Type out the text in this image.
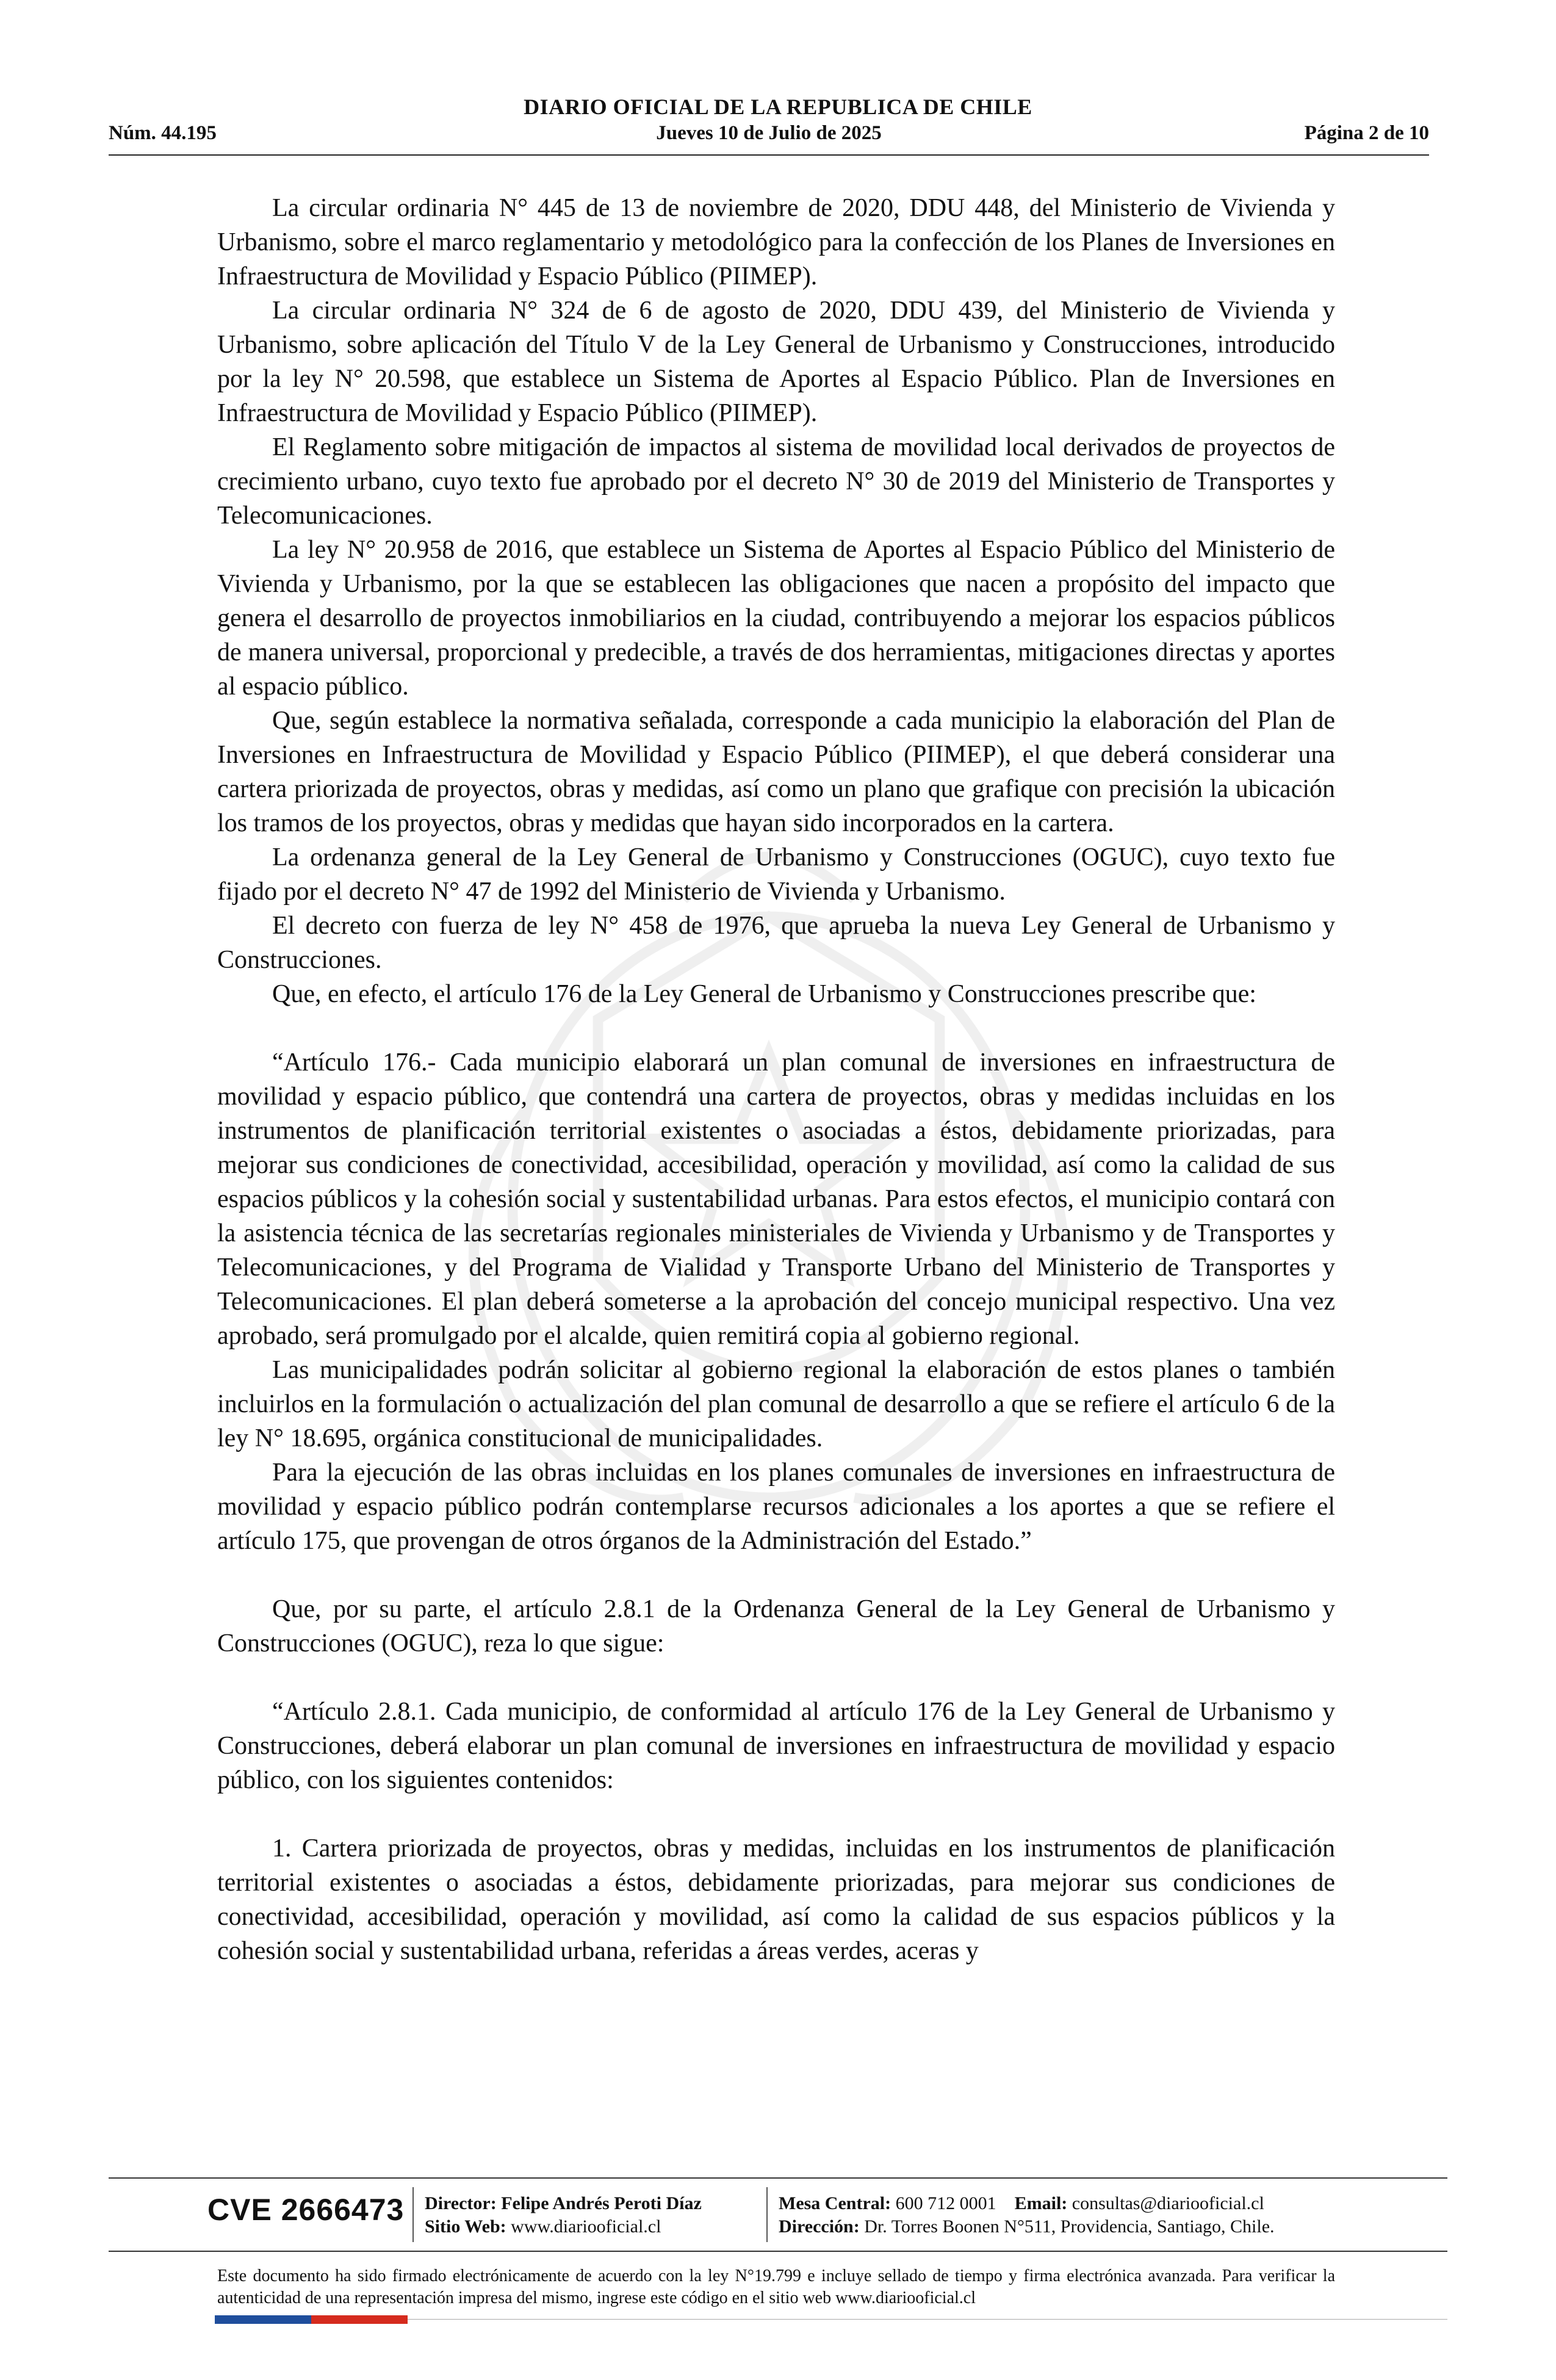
DIARIO OFICIAL DE LA REPUBLICA DE CHILE
Núm. 44.195	Jueves 10 de Julio de 2025	Página 2 de 10

La circular ordinaria N° 445 de 13 de noviembre de 2020, DDU 448, del Ministerio de Vivienda y Urbanismo, sobre el marco reglamentario y metodológico para la confección de los Planes de Inversiones en Infraestructura de Movilidad y Espacio Público (PIIMEP).

La circular ordinaria N° 324 de 6 de agosto de 2020, DDU 439, del Ministerio de Vivienda y Urbanismo, sobre aplicación del Título V de la Ley General de Urbanismo y Construcciones, introducido por la ley N° 20.598, que establece un Sistema de Aportes al Espacio Público. Plan de Inversiones en Infraestructura de Movilidad y Espacio Público (PIIMEP).

El Reglamento sobre mitigación de impactos al sistema de movilidad local derivados de proyectos de crecimiento urbano, cuyo texto fue aprobado por el decreto N° 30 de 2019 del Ministerio de Transportes y Telecomunicaciones.

La ley N° 20.958 de 2016, que establece un Sistema de Aportes al Espacio Público del Ministerio de Vivienda y Urbanismo, por la que se establecen las obligaciones que nacen a propósito del impacto que genera el desarrollo de proyectos inmobiliarios en la ciudad, contribuyendo a mejorar los espacios públicos de manera universal, proporcional y predecible, a través de dos herramientas, mitigaciones directas y aportes al espacio público.

Que, según establece la normativa señalada, corresponde a cada municipio la elaboración del Plan de Inversiones en Infraestructura de Movilidad y Espacio Público (PIIMEP), el que deberá considerar una cartera priorizada de proyectos, obras y medidas, así como un plano que grafique con precisión la ubicación los tramos de los proyectos, obras y medidas que hayan sido incorporados en la cartera.

La ordenanza general de la Ley General de Urbanismo y Construcciones (OGUC), cuyo texto fue fijado por el decreto N° 47 de 1992 del Ministerio de Vivienda y Urbanismo.

El decreto con fuerza de ley N° 458 de 1976, que aprueba la nueva Ley General de Urbanismo y Construcciones.

Que, en efecto, el artículo 176 de la Ley General de Urbanismo y Construcciones prescribe que:

“Artículo 176.- Cada municipio elaborará un plan comunal de inversiones en infraestructura de movilidad y espacio público, que contendrá una cartera de proyectos, obras y medidas incluidas en los instrumentos de planificación territorial existentes o asociadas a éstos, debidamente priorizadas, para mejorar sus condiciones de conectividad, accesibilidad, operación y movilidad, así como la calidad de sus espacios públicos y la cohesión social y sustentabilidad urbanas. Para estos efectos, el municipio contará con la asistencia técnica de las secretarías regionales ministeriales de Vivienda y Urbanismo y de Transportes y Telecomunicaciones, y del Programa de Vialidad y Transporte Urbano del Ministerio de Transportes y Telecomunicaciones. El plan deberá someterse a la aprobación del concejo municipal respectivo. Una vez aprobado, será promulgado por el alcalde, quien remitirá copia al gobierno regional.

Las municipalidades podrán solicitar al gobierno regional la elaboración de estos planes o también incluirlos en la formulación o actualización del plan comunal de desarrollo a que se refiere el artículo 6 de la ley N° 18.695, orgánica constitucional de municipalidades.

Para la ejecución de las obras incluidas en los planes comunales de inversiones en infraestructura de movilidad y espacio público podrán contemplarse recursos adicionales a los aportes a que se refiere el artículo 175, que provengan de otros órganos de la Administración del Estado.”

Que, por su parte, el artículo 2.8.1 de la Ordenanza General de la Ley General de Urbanismo y Construcciones (OGUC), reza lo que sigue:

“Artículo 2.8.1. Cada municipio, de conformidad al artículo 176 de la Ley General de Urbanismo y Construcciones, deberá elaborar un plan comunal de inversiones en infraestructura de movilidad y espacio público, con los siguientes contenidos:

1. Cartera priorizada de proyectos, obras y medidas, incluidas en los instrumentos de planificación territorial existentes o asociadas a éstos, debidamente priorizadas, para mejorar sus condiciones de conectividad, accesibilidad, operación y movilidad, así como la calidad de sus espacios públicos y la cohesión social y sustentabilidad urbana, referidas a áreas verdes, aceras y

CVE 2666473 Director: Felipe Andrés Peroti Díaz
Sitio Web: www.diariooficial.cl
Mesa Central: 600 712 0001 Email: consultas@diariooficial.cl
Dirección: Dr. Torres Boonen N°511, Providencia, Santiago, Chile.
Este documento ha sido firmado electrónicamente de acuerdo con la ley N°19.799 e incluye sellado de tiempo y firma electrónica avanzada. Para verificar la autenticidad de una representación impresa del mismo, ingrese este código en el sitio web www.diariooficial.cl
